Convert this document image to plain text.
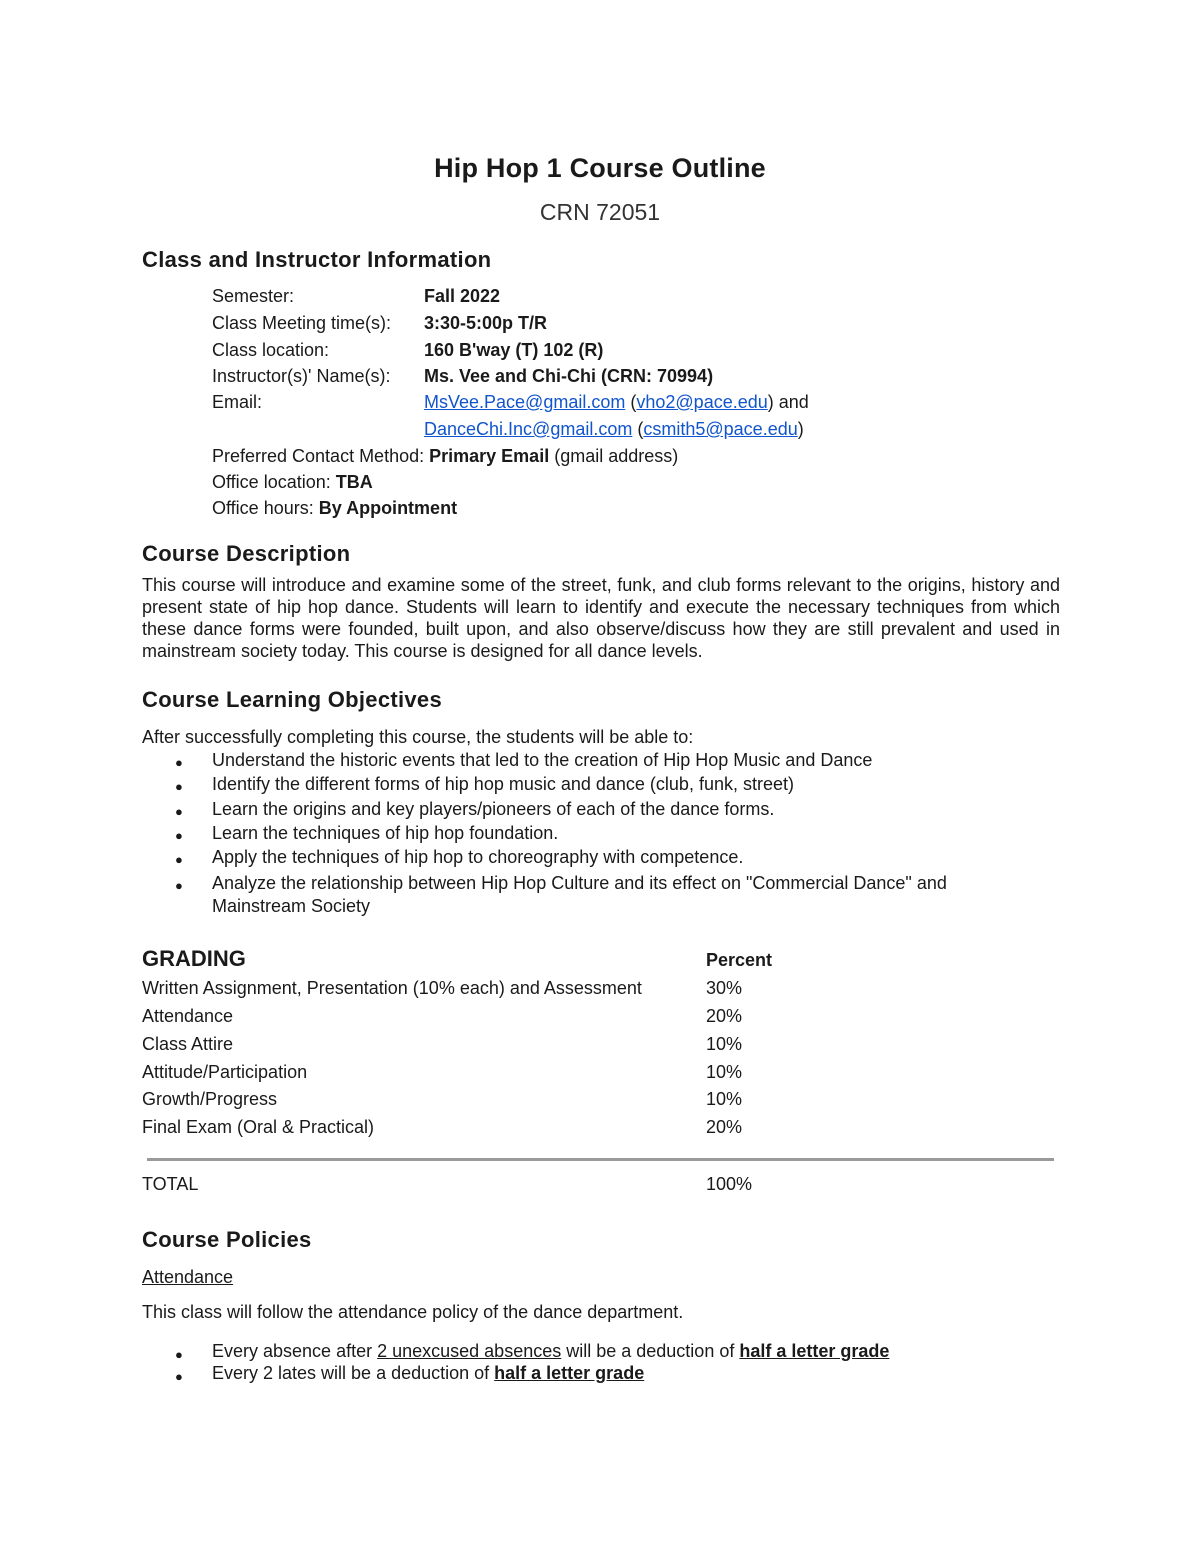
Hip Hop 1 Course Outline
CRN 72051
Class and Instructor Information
Semester:	Fall 2022
Class Meeting time(s): 3:30-5:00p T/R
Class location:	160 B'way (T) 102 (R)
Instructor(s)' Name(s): Ms. Vee and Chi-Chi (CRN: 70994)
Email:	MsVee.Pace@gmail.com (vho2@pace.edu) and
DanceChi.Inc@gmail.com (csmith5@pace.edu)
Preferred Contact Method: Primary Email (gmail address)
Office location: TBA
Office hours: By Appointment
Course Description
This course will introduce and examine some of the street, funk, and club forms relevant to the origins, history and present state of hip hop dance. Students will learn to identify and execute the necessary techniques from which these dance forms were founded, built upon, and also observe/discuss how they are still prevalent and used in mainstream society today. This course is designed for all dance levels.
Course Learning Objectives
After successfully completing this course, the students will be able to:
● Understand the historic events that led to the creation of Hip Hop Music and Dance
● Identify the different forms of hip hop music and dance (club, funk, street)
● Learn the origins and key players/pioneers of each of the dance forms.
● Learn the techniques of hip hop foundation.
● Apply the techniques of hip hop to choreography with competence.
● Analyze the relationship between Hip Hop Culture and its effect on "Commercial Dance" and
Mainstream Society
GRADING	Percent
Written Assignment, Presentation (10% each) and Assessment	30%
Attendance	20%
Class Attire	10%
Attitude/Participation	10%
Growth/Progress	10%
Final Exam (Oral & Practical)	20%
TOTAL	100%
Course Policies
Attendance
This class will follow the attendance policy of the dance department.
● Every absence after 2 unexcused absences will be a deduction of half a letter grade
● Every 2 lates will be a deduction of half a letter grade
